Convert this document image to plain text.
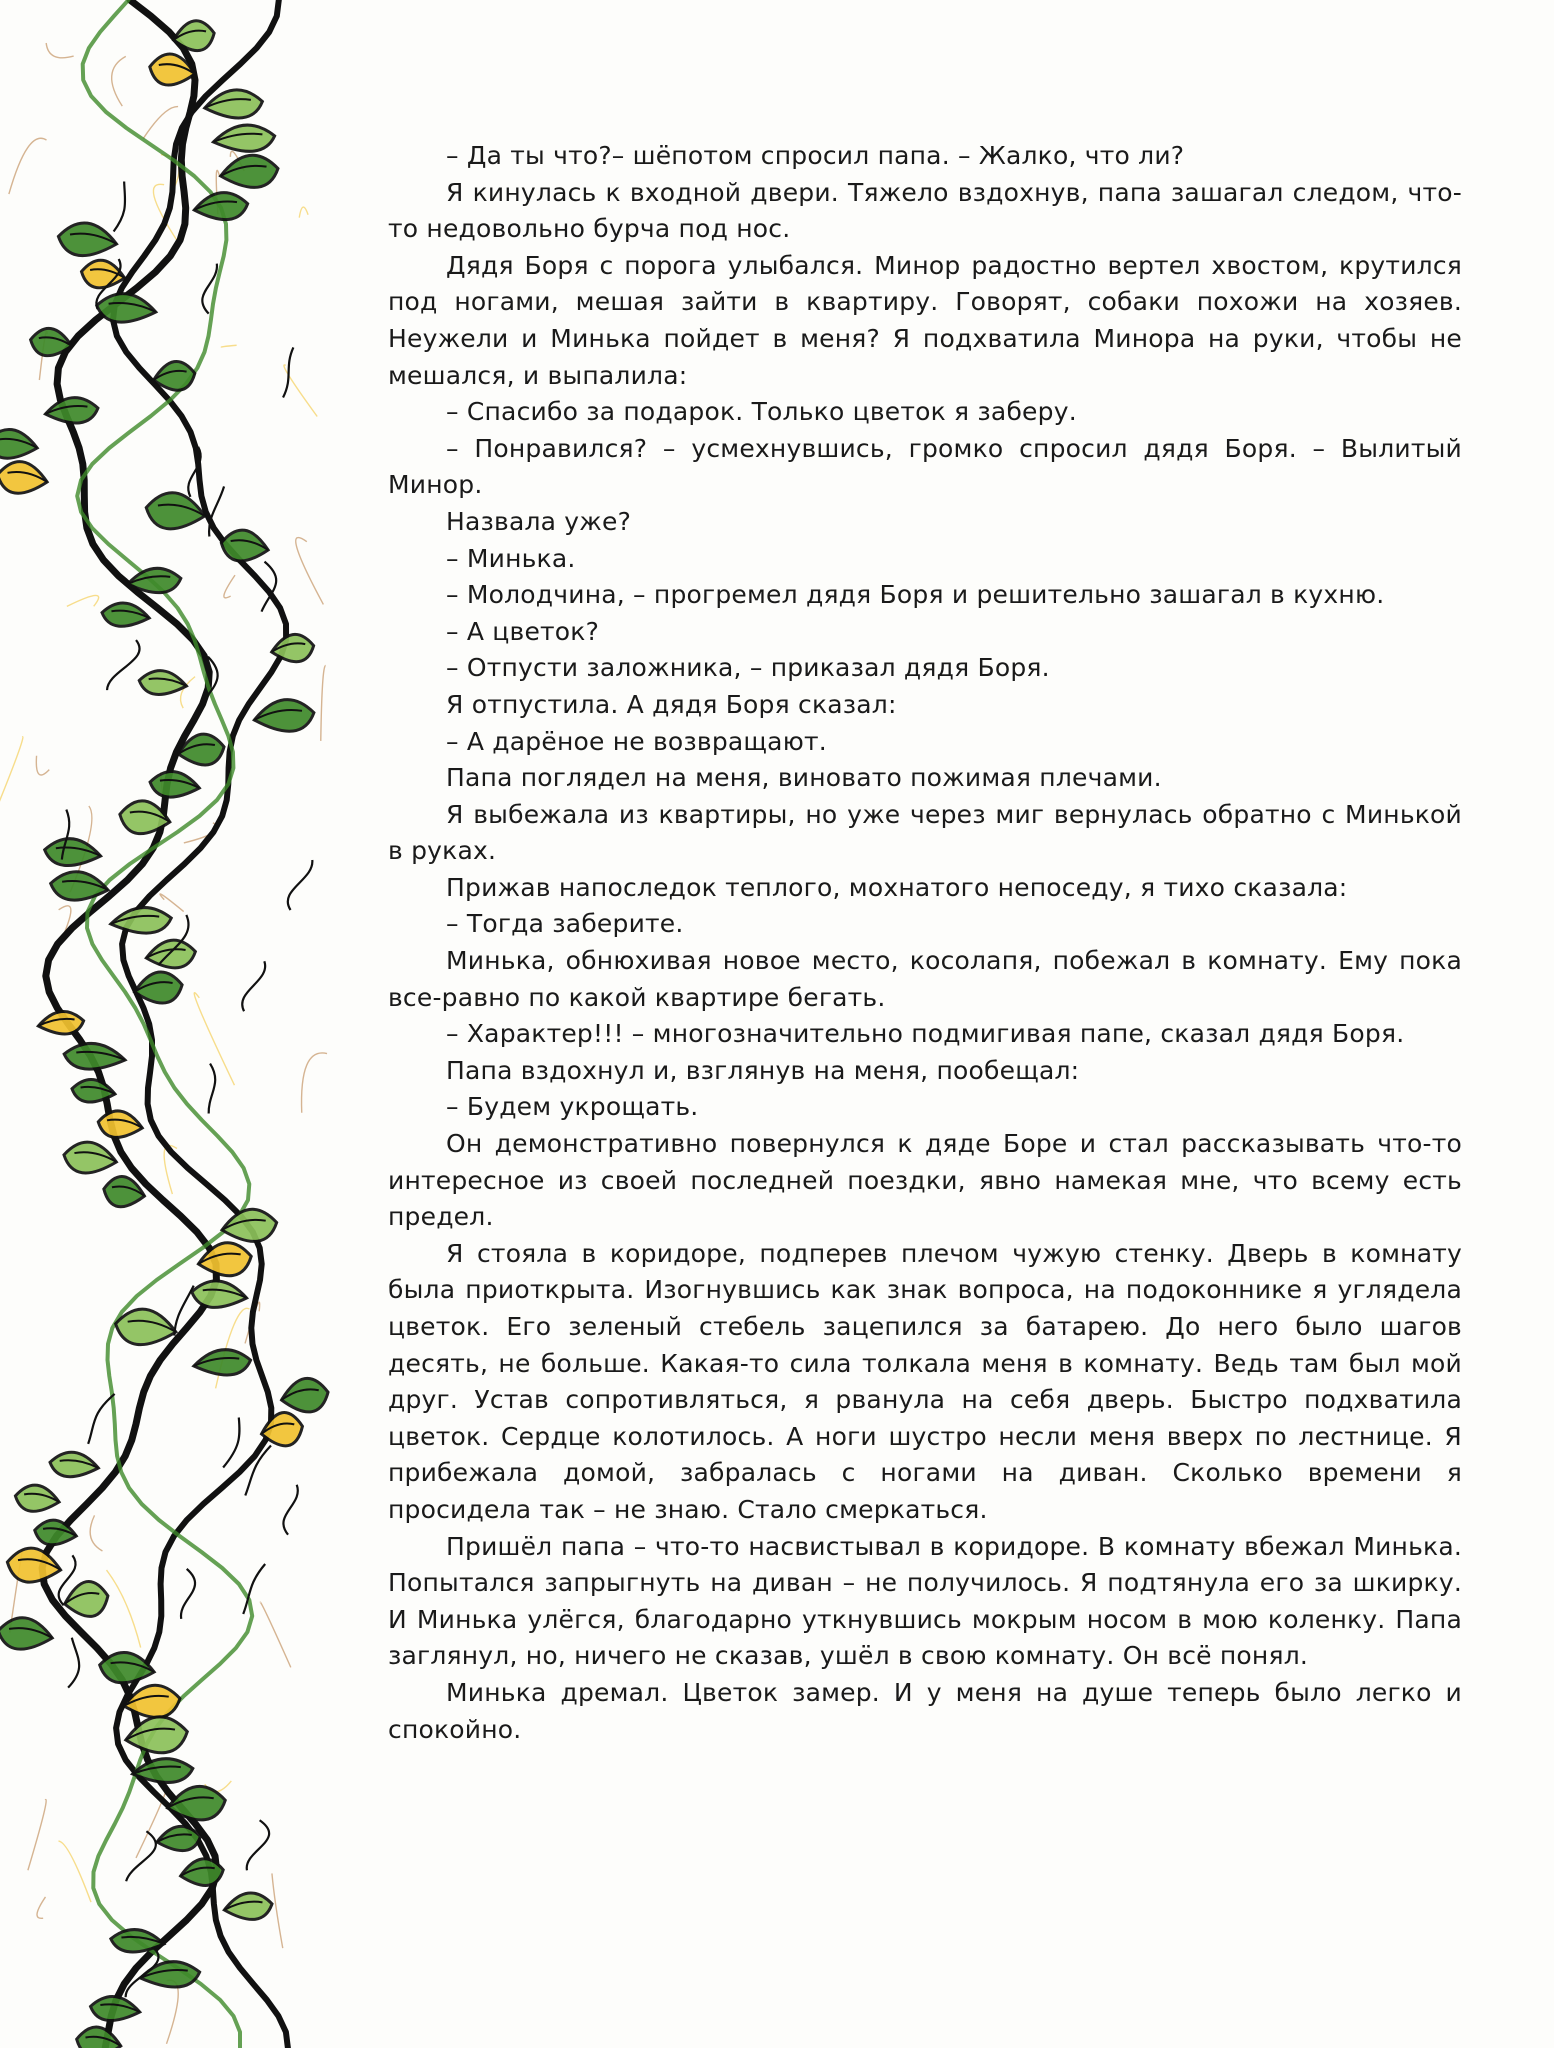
– Да ты что?– шёпотом спросил папа. – Жалко, что ли?

Я кинулась к входной двери. Тяжело вздохнув, папа зашагал следом, что-то недовольно бурча под нос.

Дядя Боря с порога улыбался. Минор радостно вертел хвостом, крутился под ногами, мешая зайти в квартиру. Говорят, собаки похожи на хозяев. Неужели и Минька пойдет в меня? Я подхватила Минора на руки, чтобы не мешался, и выпалила:

– Спасибо за подарок. Только цветок я заберу.

– Понравился? – усмехнувшись, громко спросил дядя Боря. – Вылитый Минор.

Назвала уже?

– Минька.

– Молодчина, – прогремел дядя Боря и решительно зашагал в кухню.

– А цветок?

– Отпусти заложника, – приказал дядя Боря.

Я отпустила. А дядя Боря сказал:

– А дарёное не возвращают.

Папа поглядел на меня, виновато пожимая плечами.

Я выбежала из квартиры, но уже через миг вернулась обратно с Минькой в руках.

Прижав напоследок теплого, мохнатого непоседу, я тихо сказала:

– Тогда заберите.

Минька, обнюхивая новое место, косолапя, побежал в комнату. Ему пока все-равно по какой квартире бегать.

– Характер!!! – многозначительно подмигивая папе, сказал дядя Боря.

Папа вздохнул и, взглянув на меня, пообещал:

– Будем укрощать.

Он демонстративно повернулся к дяде Боре и стал рассказывать что-то интересное из своей последней поездки, явно намекая мне, что всему есть предел.

Я стояла в коридоре, подперев плечом чужую стенку. Дверь в комнату была приоткрыта. Изогнувшись как знак вопроса, на подоконнике я углядела цветок. Его зеленый стебель зацепился за батарею. До него было шагов десять, не больше. Какая-то сила толкала меня в комнату. Ведь там был мой друг. Устав сопротивляться, я рванула на себя дверь. Быстро подхватила цветок. Сердце колотилось. А ноги шустро несли меня вверх по лестнице. Я прибежала домой, забралась с ногами на диван. Сколько времени я просидела так – не знаю. Стало смеркаться.

Пришёл папа – что-то насвистывал в коридоре. В комнату вбежал Минька. Попытался запрыгнуть на диван – не получилось. Я подтянула его за шкирку. И Минька улёгся, благодарно уткнувшись мокрым носом в мою коленку. Папа заглянул, но, ничего не сказав, ушёл в свою комнату. Он всё понял.

Минька дремал. Цветок замер. И у меня на душе теперь было легко и спокойно.
